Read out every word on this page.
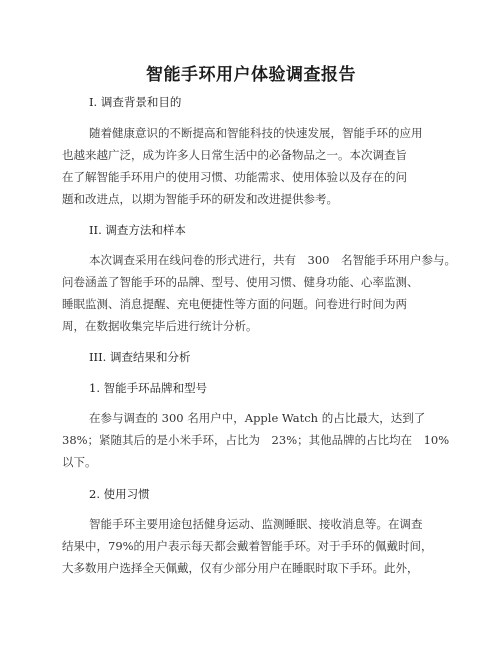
智能手环用户体验调查报告
I. 调查背景和目的
随着健康意识的不断提高和智能科技的快速发展，智能手环的应用
也越来越广泛，成为许多人日常生活中的必备物品之一。本次调查旨
在了解智能手环用户的使用习惯、功能需求、使用体验以及存在的问
题和改进点，以期为智能手环的研发和改进提供参考。
II. 调查方法和样本
本次调查采用在线问卷的形式进行，共有　300　名智能手环用户参与。
问卷涵盖了智能手环的品牌、型号、使用习惯、健身功能、心率监测、
睡眠监测、消息提醒、充电便捷性等方面的问题。问卷进行时间为两
周，在数据收集完毕后进行统计分析。
III. 调查结果和分析
1. 智能手环品牌和型号
在参与调查的 300 名用户中，Apple Watch 的占比最大，达到了
38%；紧随其后的是小米手环，占比为　23%；其他品牌的占比均在　10%
以下。
2. 使用习惯
智能手环主要用途包括健身运动、监测睡眠、接收消息等。在调查
结果中，79%的用户表示每天都会戴着智能手环。对于手环的佩戴时间，
大多数用户选择全天佩戴，仅有少部分用户在睡眠时取下手环。此外，
